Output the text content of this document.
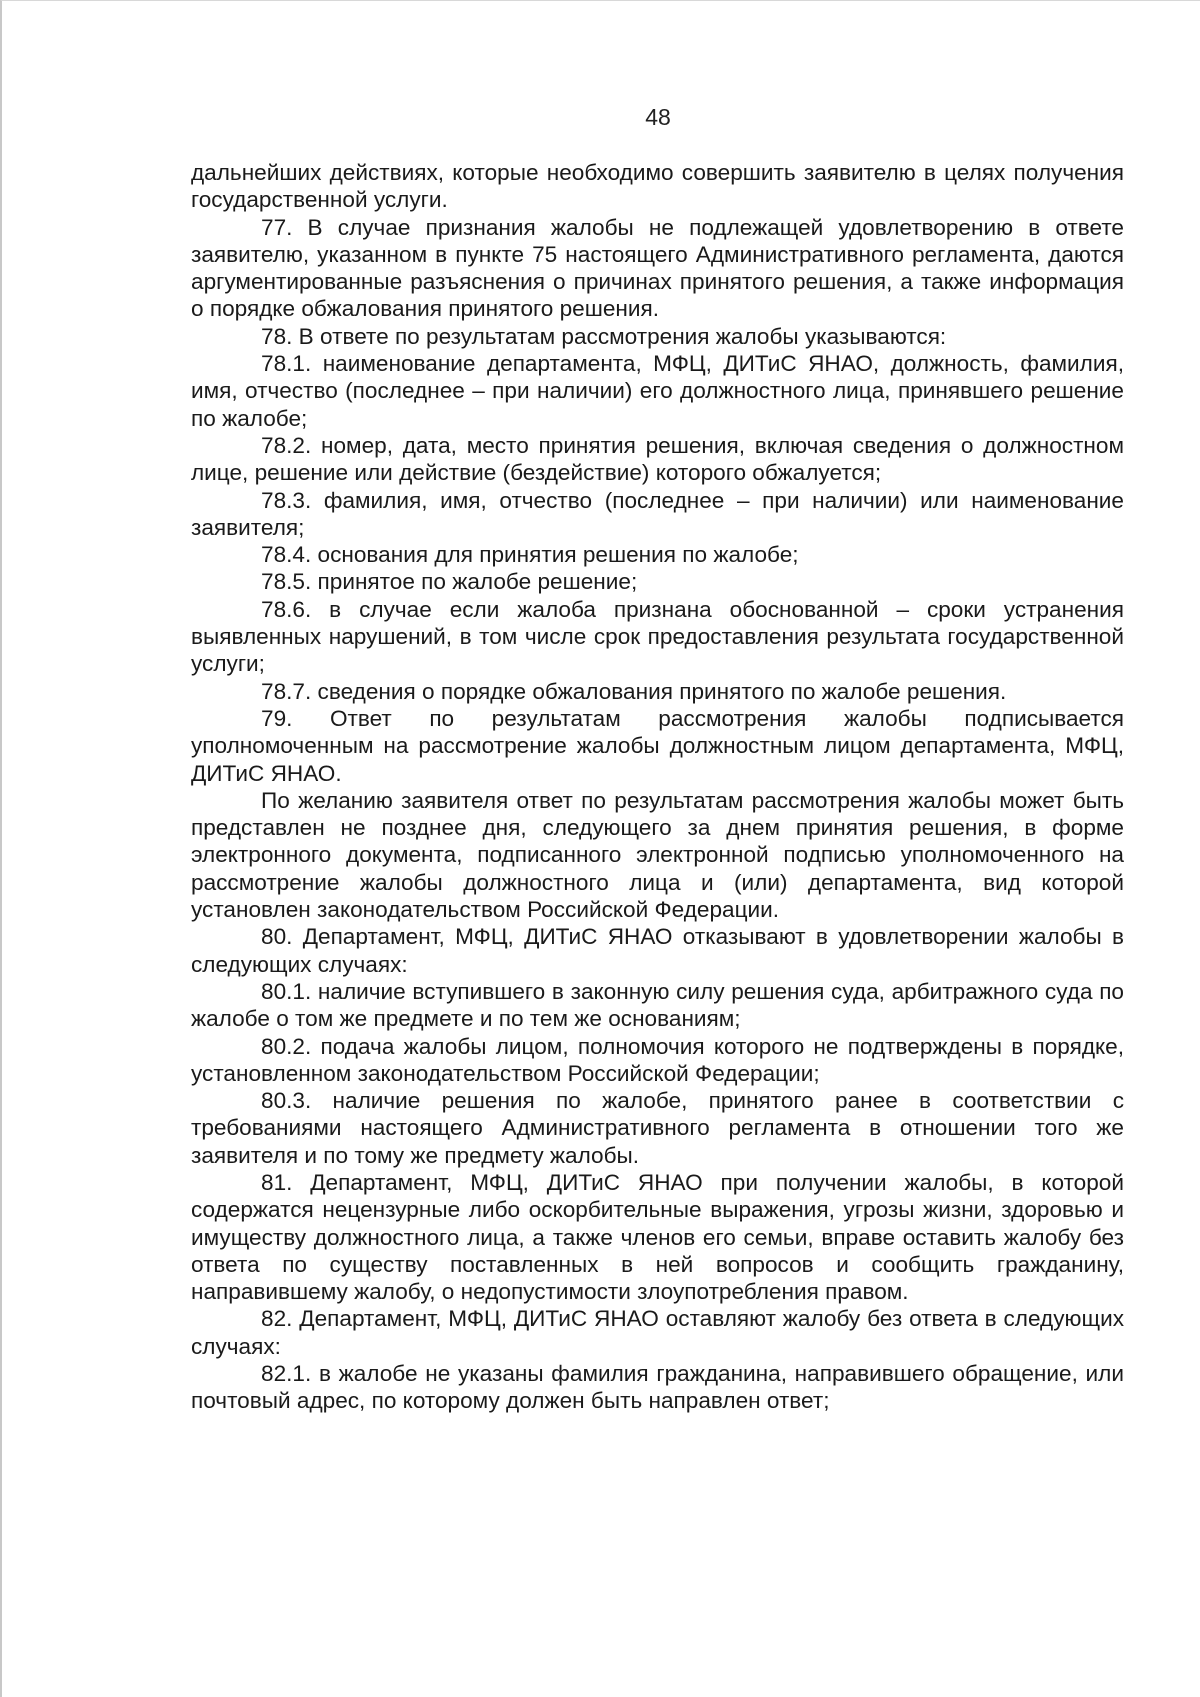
48

дальнейших действиях, которые необходимо совершить заявителю в целях получения государственной услуги.

77. В случае признания жалобы не подлежащей удовлетворению в ответе заявителю, указанном в пункте 75 настоящего Административного регламента, даются аргументированные разъяснения о причинах принятого решения, а также информация о порядке обжалования принятого решения.

78. В ответе по результатам рассмотрения жалобы указываются:

78.1. наименование департамента, МФЦ, ДИТиС ЯНАО, должность, фамилия, имя, отчество (последнее – при наличии) его должностного лица, принявшего решение по жалобе;

78.2. номер, дата, место принятия решения, включая сведения о должностном лице, решение или действие (бездействие) которого обжалуется;

78.3. фамилия, имя, отчество (последнее – при наличии) или наименование заявителя;

78.4. основания для принятия решения по жалобе;

78.5. принятое по жалобе решение;

78.6. в случае если жалоба признана обоснованной – сроки устранения выявленных нарушений, в том числе срок предоставления результата государственной услуги;

78.7. сведения о порядке обжалования принятого по жалобе решения.

79. Ответ по результатам рассмотрения жалобы подписывается уполномоченным на рассмотрение жалобы должностным лицом департамента, МФЦ, ДИТиС ЯНАО.

По желанию заявителя ответ по результатам рассмотрения жалобы может быть представлен не позднее дня, следующего за днем принятия решения, в форме электронного документа, подписанного электронной подписью уполномоченного на рассмотрение жалобы должностного лица и (или) департамента, вид которой установлен законодательством Российской Федерации.

80. Департамент, МФЦ, ДИТиС ЯНАО отказывают в удовлетворении жалобы в следующих случаях:

80.1. наличие вступившего в законную силу решения суда, арбитражного суда по жалобе о том же предмете и по тем же основаниям;

80.2. подача жалобы лицом, полномочия которого не подтверждены в порядке, установленном законодательством Российской Федерации;

80.3. наличие решения по жалобе, принятого ранее в соответствии с требованиями настоящего Административного регламента в отношении того же заявителя и по тому же предмету жалобы.

81. Департамент, МФЦ, ДИТиС ЯНАО при получении жалобы, в которой содержатся нецензурные либо оскорбительные выражения, угрозы жизни, здоровью и имуществу должностного лица, а также членов его семьи, вправе оставить жалобу без ответа по существу поставленных в ней вопросов и сообщить гражданину, направившему жалобу, о недопустимости злоупотребления правом.

82. Департамент, МФЦ, ДИТиС ЯНАО оставляют жалобу без ответа в следующих случаях:

82.1. в жалобе не указаны фамилия гражданина, направившего обращение, или почтовый адрес, по которому должен быть направлен ответ;
